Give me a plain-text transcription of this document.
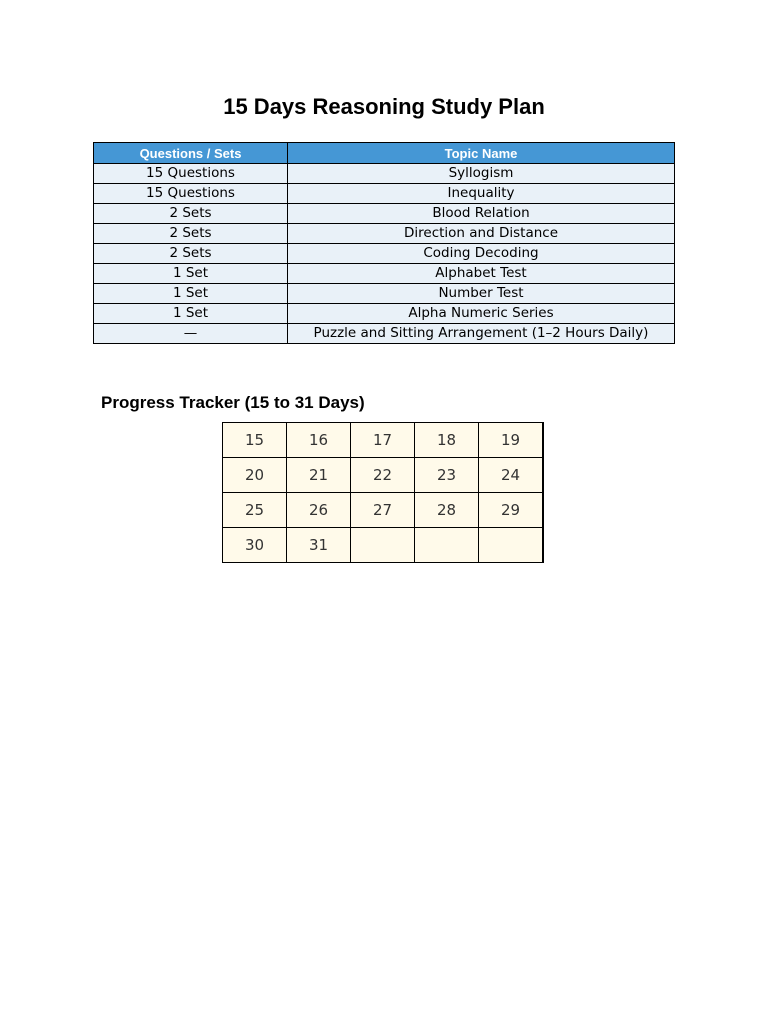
15 Days Reasoning Study Plan
Questions / Sets	Topic Name
15 Questions	Syllogism
15 Questions	Inequality
2 Sets	Blood Relation
2 Sets	Direction and Distance
2 Sets	Coding Decoding
1 Set	Alphabet Test
1 Set	Number Test
1 Set	Alpha Numeric Series
—	Puzzle and Sitting Arrangement (1–2 Hours Daily)
Progress Tracker (15 to 31 Days)
15	16	17	18	19
20	21	22	23	24
25	26	27	28	29
30	31			
